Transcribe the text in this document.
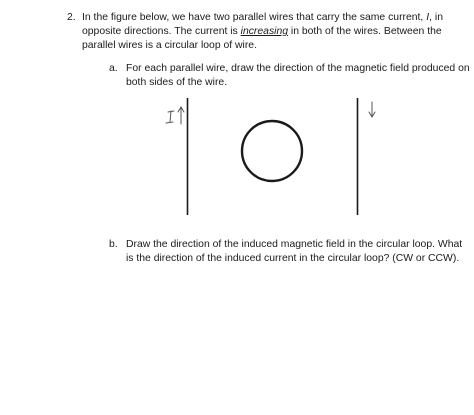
2. In the figure below, we have two parallel wires that carry the same current, I, in opposite directions. The current is increasing in both of the wires. Between the parallel wires is a circular loop of wire.
a. For each parallel wire, draw the direction of the magnetic field produced on both sides of the wire.
b. Draw the direction of the induced magnetic field in the circular loop. What is the direction of the induced current in the circular loop? (CW or CCW).
